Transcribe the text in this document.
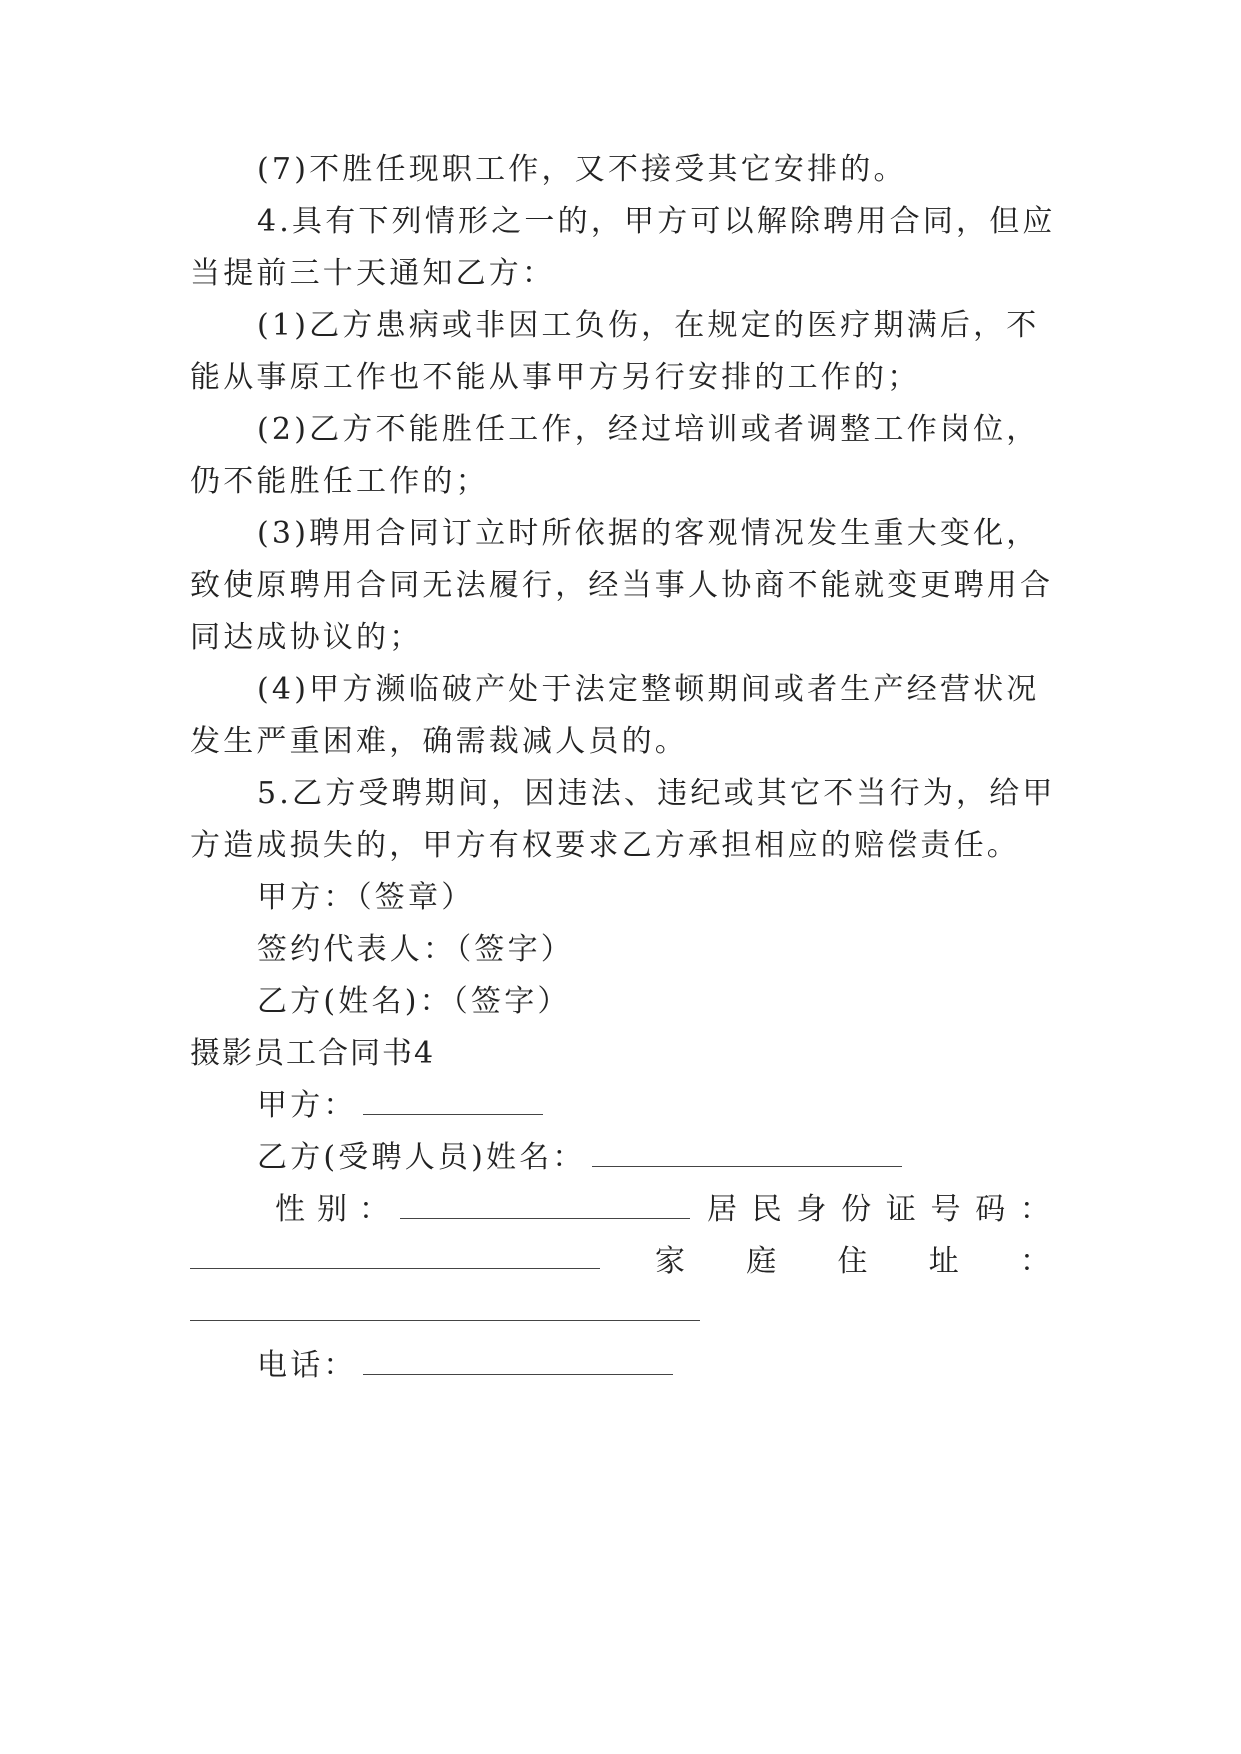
(7)不胜任现职工作，又不接受其它安排的。
4.具有下列情形之一的，甲方可以解除聘用合同，但应
当提前三十天通知乙方：
(1)乙方患病或非因工负伤，在规定的医疗期满后，不
能从事原工作也不能从事甲方另行安排的工作的；
(2)乙方不能胜任工作，经过培训或者调整工作岗位，
仍不能胜任工作的；
(3)聘用合同订立时所依据的客观情况发生重大变化，
致使原聘用合同无法履行，经当事人协商不能就变更聘用合
同达成协议的；
(4)甲方濒临破产处于法定整顿期间或者生产经营状况
发生严重困难，确需裁减人员的。
5.乙方受聘期间，因违法、违纪或其它不当行为，给甲
方造成损失的，甲方有权要求乙方承担相应的赔偿责任。
甲方：（签章）
签约代表人：（签字）
乙方(姓名)：（签字）
摄影员工合同书4
甲方：
乙方(受聘人员)姓名：
性 别 ：	居 民 身 份 证 号 码 ：
家 庭 住 址 ：
电话：
